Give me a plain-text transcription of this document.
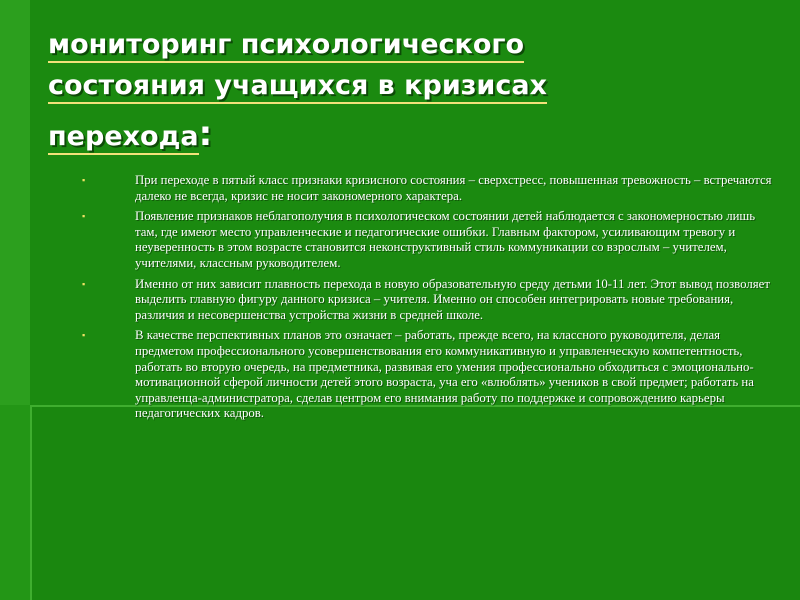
мониторинг психологического
состояния учащихся в кризисах
перехода:
▪	При переходе в пятый класс признаки кризисного состояния – сверхстресс, повышенная тревожность – встречаются далеко не всегда, кризис не носит закономерного характера.
▪	Появление признаков неблагополучия в психологическом состоянии детей наблюдается с закономерностью лишь там, где имеют место управленческие и педагогические ошибки. Главным фактором, усиливающим тревогу и неуверенность в этом возрасте становится неконструктивный стиль коммуникации со взрослым – учителем, учителями, классным руководителем.
▪	Именно от них зависит плавность перехода в новую образовательную среду детьми 10-11 лет. Этот вывод позволяет выделить главную фигуру данного кризиса – учителя. Именно он способен интегрировать новые требования, различия и несовершенства устройства жизни в средней школе.
▪	В качестве перспективных планов это означает – работать, прежде всего, на классного руководителя, делая предметом профессионального усовершенствования его коммуникативную и управленческую компетентность, работать во вторую очередь, на предметника, развивая его умения профессионально обходиться с эмоционально-мотивационной сферой личности детей этого возраста, уча его «влюблять» учеников в свой предмет; работать на управленца-администратора, сделав центром его внимания работу по поддержке и сопровождению карьеры педагогических кадров.
